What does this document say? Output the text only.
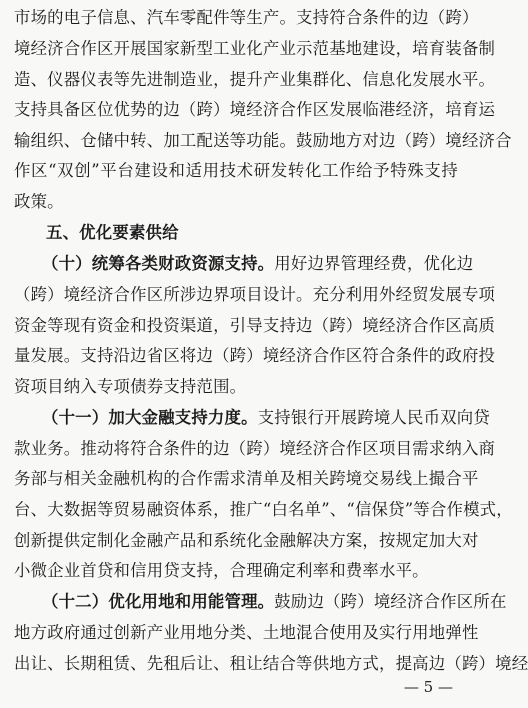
市场的电子信息、汽车零配件等生产。支持符合条件的边（跨）
境经济合作区开展国家新型工业化产业示范基地建设，培育装备制
造、仪器仪表等先进制造业，提升产业集群化、信息化发展水平。
支持具备区位优势的边（跨）境经济合作区发展临港经济，培育运
输组织、仓储中转、加工配送等功能。鼓励地方对边（跨）境经济合
作区“双创”平台建设和适用技术研发转化工作给予特殊支持
政策。
五、优化要素供给
（十）统筹各类财政资源支持。用好边界管理经费，优化边
（跨）境经济合作区所涉边界项目设计。充分利用外经贸发展专项
资金等现有资金和投资渠道，引导支持边（跨）境经济合作区高质
量发展。支持沿边省区将边（跨）境经济合作区符合条件的政府投
资项目纳入专项债券支持范围。
（十一）加大金融支持力度。支持银行开展跨境人民币双向贷
款业务。推动将符合条件的边（跨）境经济合作区项目需求纳入商
务部与相关金融机构的合作需求清单及相关跨境交易线上撮合平
台、大数据等贸易融资体系，推广“白名单”、“信保贷”等合作模式，
创新提供定制化金融产品和系统化金融解决方案，按规定加大对
小微企业首贷和信用贷支持，合理确定利率和费率水平。
（十二）优化用地和用能管理。鼓励边（跨）境经济合作区所在
地方政府通过创新产业用地分类、土地混合使用及实行用地弹性
出让、长期租赁、先租后让、租让结合等供地方式，提高边（跨）境经
— 5 —
